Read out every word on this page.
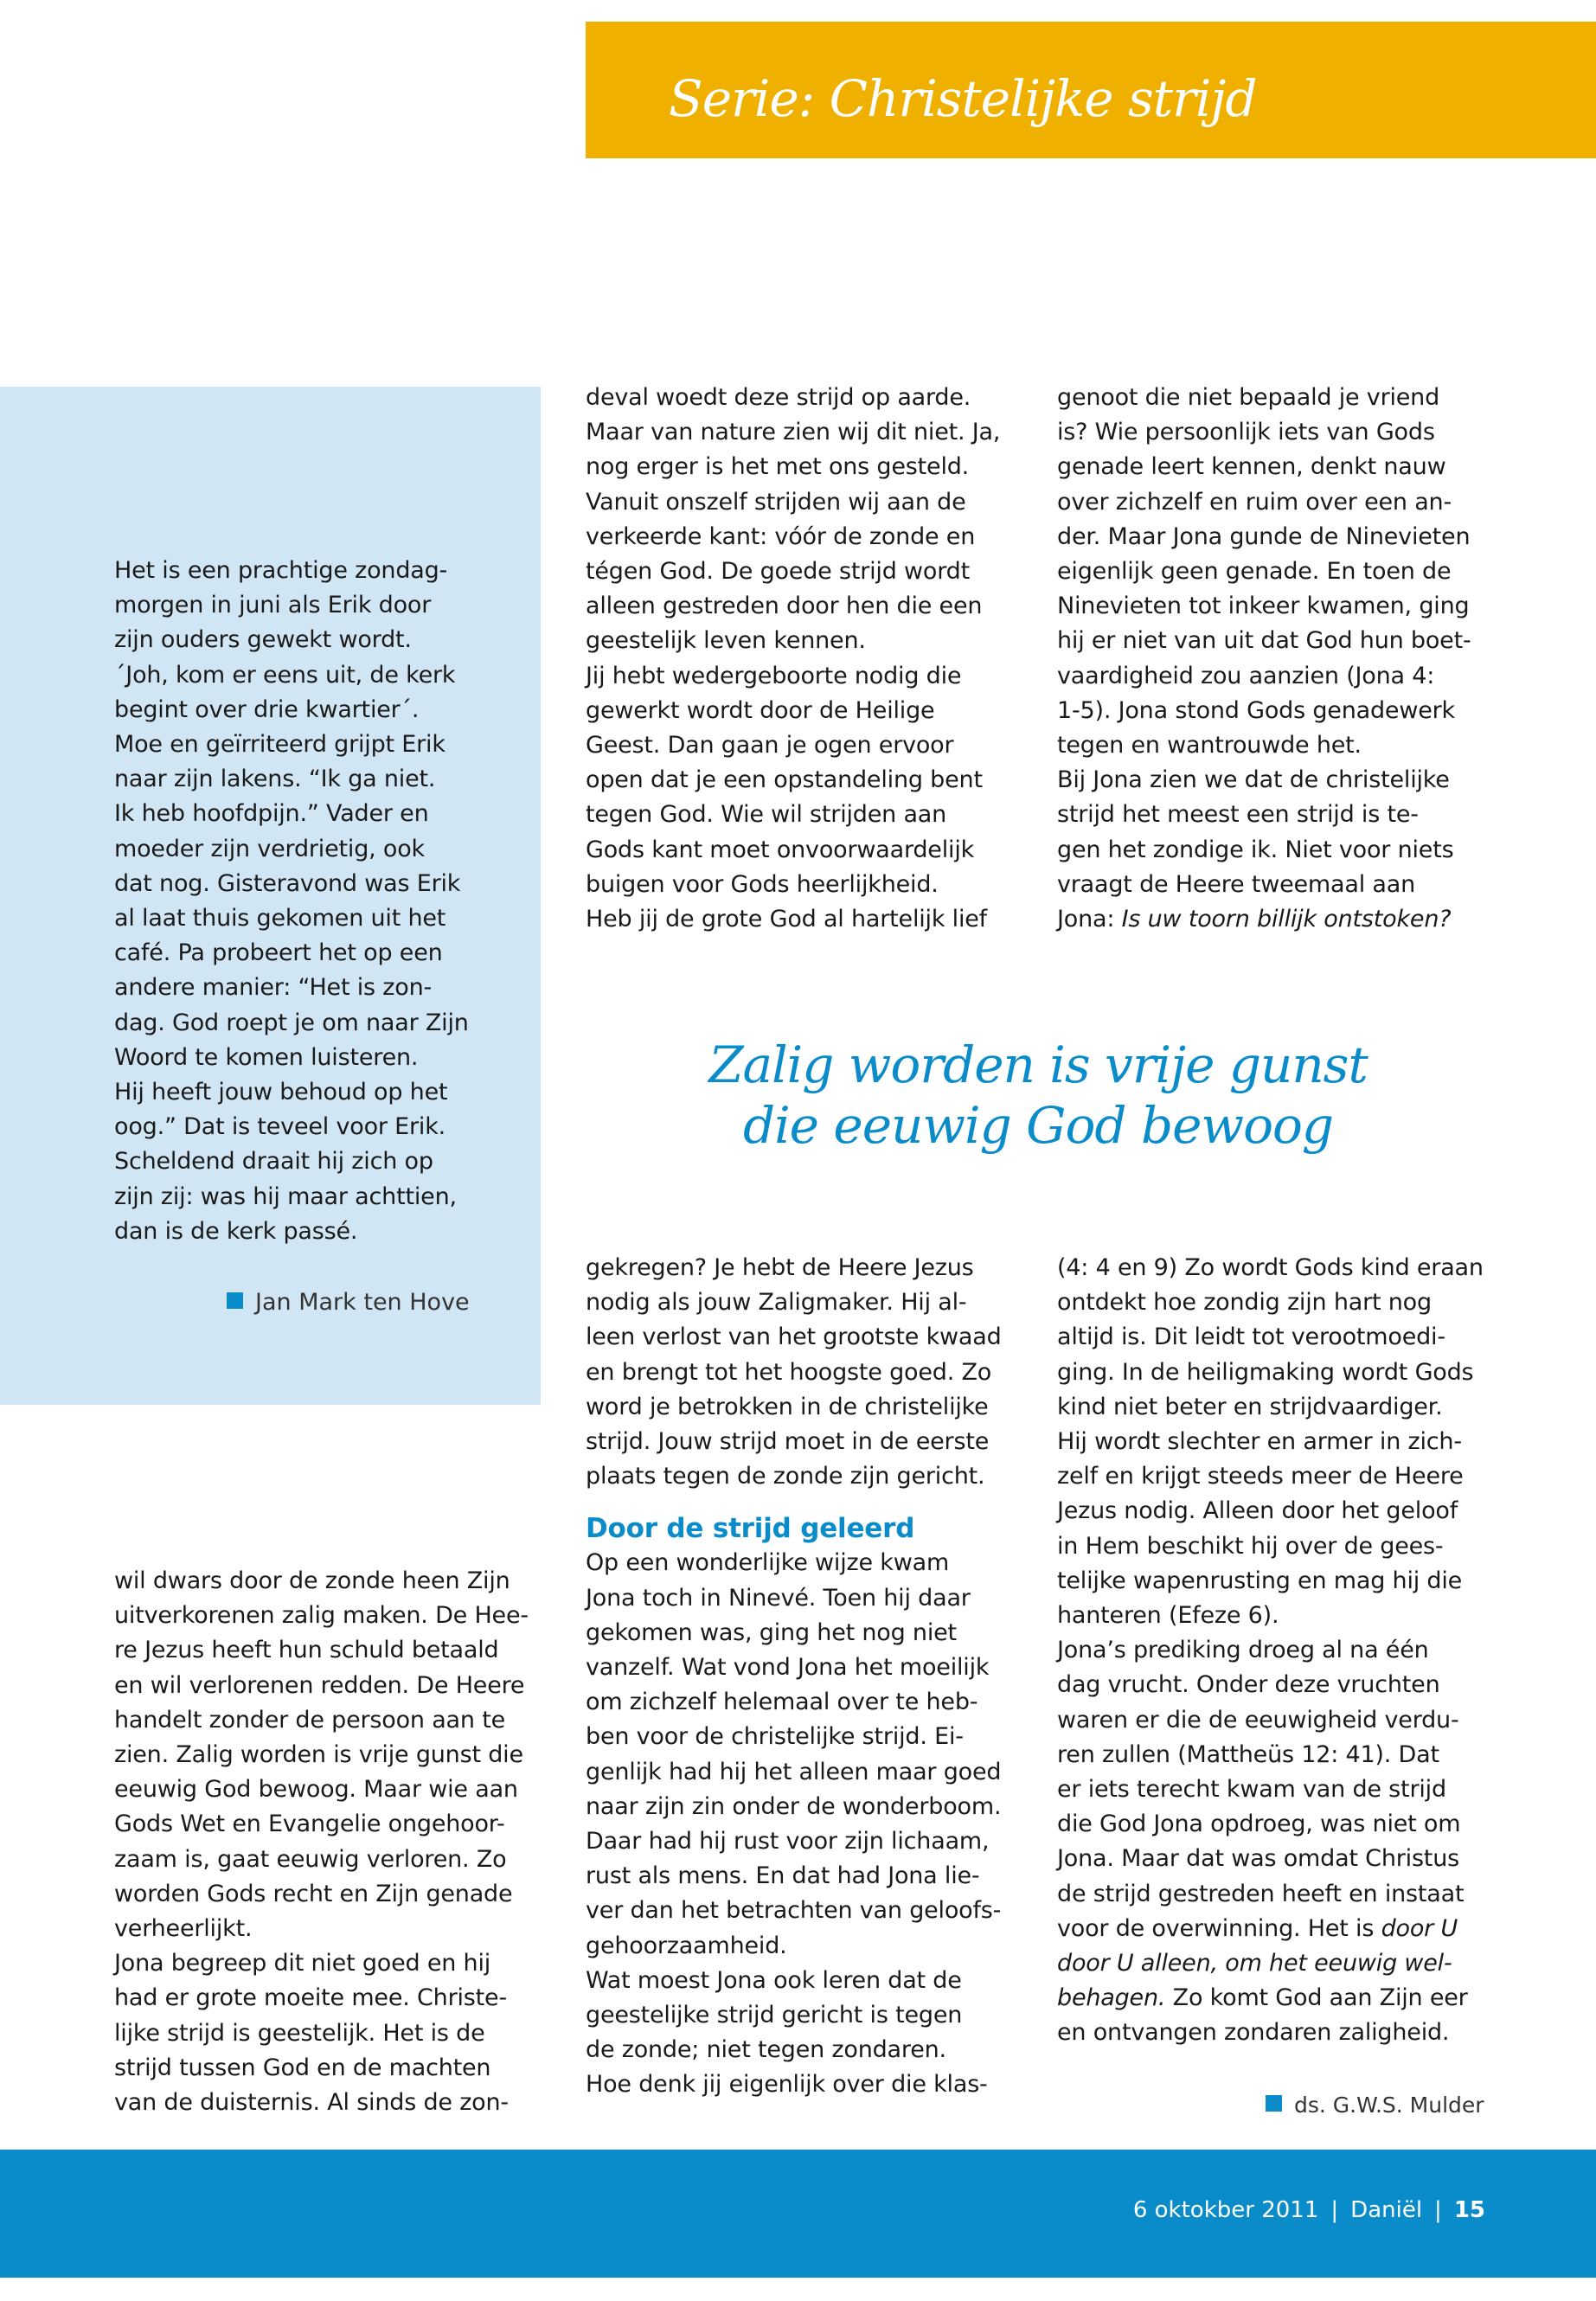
Serie: Christelijke strijd

Het is een prachtige zondag-

morgen in juni als Erik door

zijn ouders gewekt wordt.

´Joh, kom er eens uit, de kerk

begint over drie kwartier´.

Moe en geïrriteerd grijpt Erik

naar zijn lakens. “Ik ga niet.

Ik heb hoofdpijn.” Vader en

moeder zijn verdrietig, ook

dat nog. Gisteravond was Erik

al laat thuis gekomen uit het

café. Pa probeert het op een

andere manier: “Het is zon-

dag. God roept je om naar Zijn

Woord te komen luisteren.

Hij heeft jouw behoud op het

oog.” Dat is teveel voor Erik.

Scheldend draait hij zich op

zijn zij: was hij maar achttien,

dan is de kerk passé.

Jan Mark ten Hove

wil dwars door de zonde heen Zijn

uitverkorenen zalig maken. De Hee-

re Jezus heeft hun schuld betaald

en wil verlorenen redden. De Heere

handelt zonder de persoon aan te

zien. Zalig worden is vrije gunst die

eeuwig God bewoog. Maar wie aan

Gods Wet en Evangelie ongehoor-

zaam is, gaat eeuwig verloren. Zo

worden Gods recht en Zijn genade

verheerlijkt.

Jona begreep dit niet goed en hij

had er grote moeite mee. Christe-

lijke strijd is geestelijk. Het is de

strijd tussen God en de machten

van de duisternis. Al sinds de zon-

deval woedt deze strijd op aarde.

Maar van nature zien wij dit niet. Ja,

nog erger is het met ons gesteld.

Vanuit onszelf strijden wij aan de

verkeerde kant: vóór de zonde en

tégen God. De goede strijd wordt

alleen gestreden door hen die een

geestelijk leven kennen.

Jij hebt wedergeboorte nodig die

gewerkt wordt door de Heilige

Geest. Dan gaan je ogen ervoor

open dat je een opstandeling bent

tegen God. Wie wil strijden aan

Gods kant moet onvoorwaardelijk

buigen voor Gods heerlijkheid.

Heb jij de grote God al hartelijk lief

genoot die niet bepaald je vriend

is? Wie persoonlijk iets van Gods

genade leert kennen, denkt nauw

over zichzelf en ruim over een an-

der. Maar Jona gunde de Ninevieten

eigenlijk geen genade. En toen de

Ninevieten tot inkeer kwamen, ging

hij er niet van uit dat God hun boet-

vaardigheid zou aanzien (Jona 4:

1-5). Jona stond Gods genadewerk

tegen en wantrouwde het.

Bij Jona zien we dat de christelijke

strijd het meest een strijd is te-

gen het zondige ik. Niet voor niets

vraagt de Heere tweemaal aan

Jona: Is uw toorn billijk ontstoken?

Zalig worden is vrije gunst
die eeuwig God bewoog

gekregen? Je hebt de Heere Jezus

nodig als jouw Zaligmaker. Hij al-

leen verlost van het grootste kwaad

en brengt tot het hoogste goed. Zo

word je betrokken in de christelijke

strijd. Jouw strijd moet in de eerste

plaats tegen de zonde zijn gericht.

Door de strijd geleerd

Op een wonderlijke wijze kwam

Jona toch in Ninevé. Toen hij daar

gekomen was, ging het nog niet

vanzelf. Wat vond Jona het moeilijk

om zichzelf helemaal over te heb-

ben voor de christelijke strijd. Ei-

genlijk had hij het alleen maar goed

naar zijn zin onder de wonderboom.

Daar had hij rust voor zijn lichaam,

rust als mens. En dat had Jona lie-

ver dan het betrachten van geloofs-

gehoorzaamheid.

Wat moest Jona ook leren dat de

geestelijke strijd gericht is tegen

de zonde; niet tegen zondaren.

Hoe denk jij eigenlijk over die klas-

(4: 4 en 9) Zo wordt Gods kind eraan

ontdekt hoe zondig zijn hart nog

altijd is. Dit leidt tot verootmoedi-

ging. In de heiligmaking wordt Gods

kind niet beter en strijdvaardiger.

Hij wordt slechter en armer in zich-

zelf en krijgt steeds meer de Heere

Jezus nodig. Alleen door het geloof

in Hem beschikt hij over de gees-

telijke wapenrusting en mag hij die

hanteren (Efeze 6).

Jona’s prediking droeg al na één

dag vrucht. Onder deze vruchten

waren er die de eeuwigheid verdu-

ren zullen (Mattheüs 12: 41). Dat

er iets terecht kwam van de strijd

die God Jona opdroeg, was niet om

Jona. Maar dat was omdat Christus

de strijd gestreden heeft en instaat

voor de overwinning. Het is door U

door U alleen, om het eeuwig wel-

behagen. Zo komt God aan Zijn eer

en ontvangen zondaren zaligheid.

ds. G.W.S. Mulder
6 oktokber 2011 | Daniël | 15
